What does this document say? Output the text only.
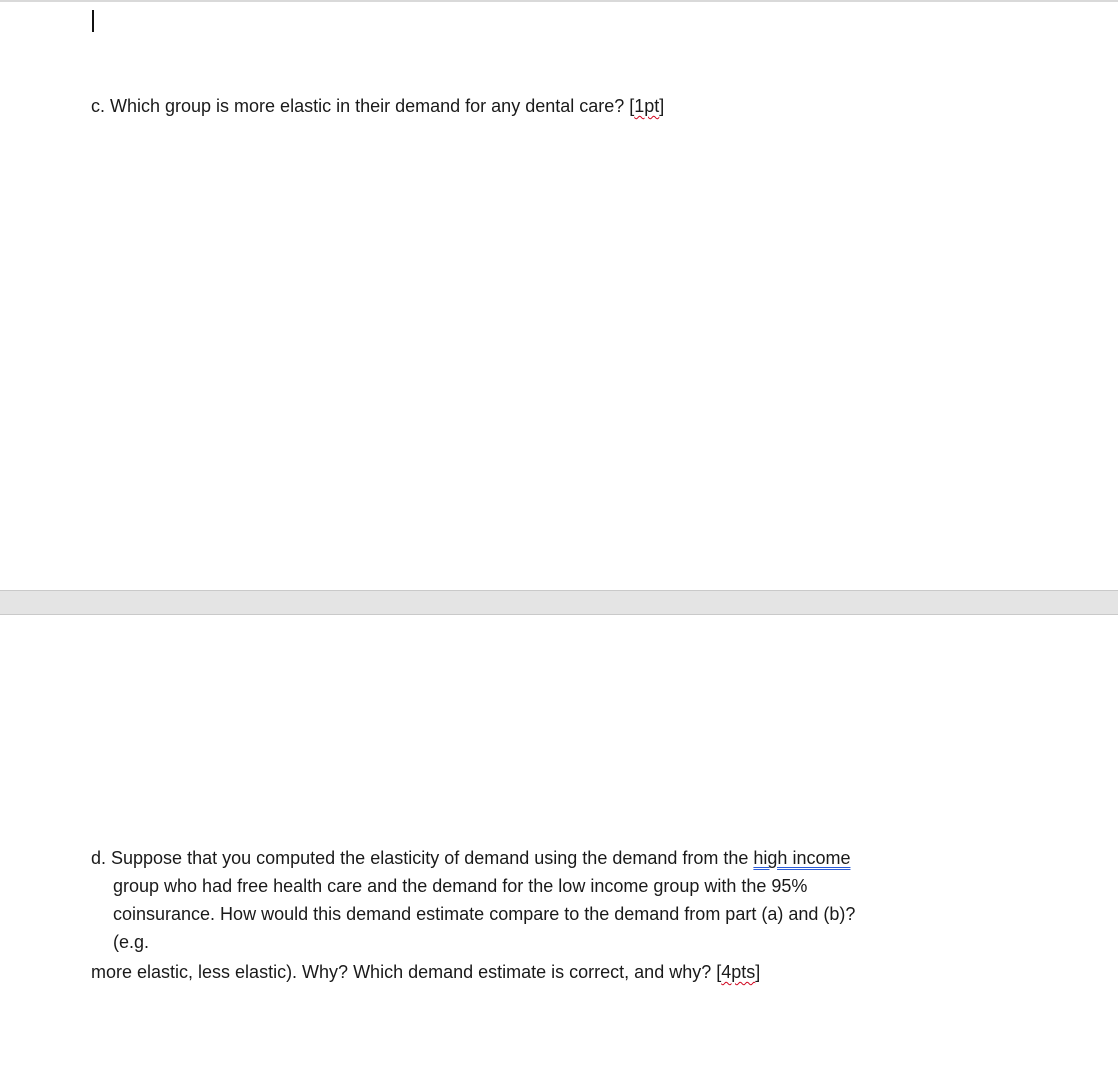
c. Which group is more elastic in their demand for any dental care? [1pt]

d. Suppose that you computed the elasticity of demand using the demand from the high income

group who had free health care and the demand for the low income group with the 95%

coinsurance. How would this demand estimate compare to the demand from part (a) and (b)?

(e.g.

more elastic, less elastic). Why? Which demand estimate is correct, and why? [4pts]
